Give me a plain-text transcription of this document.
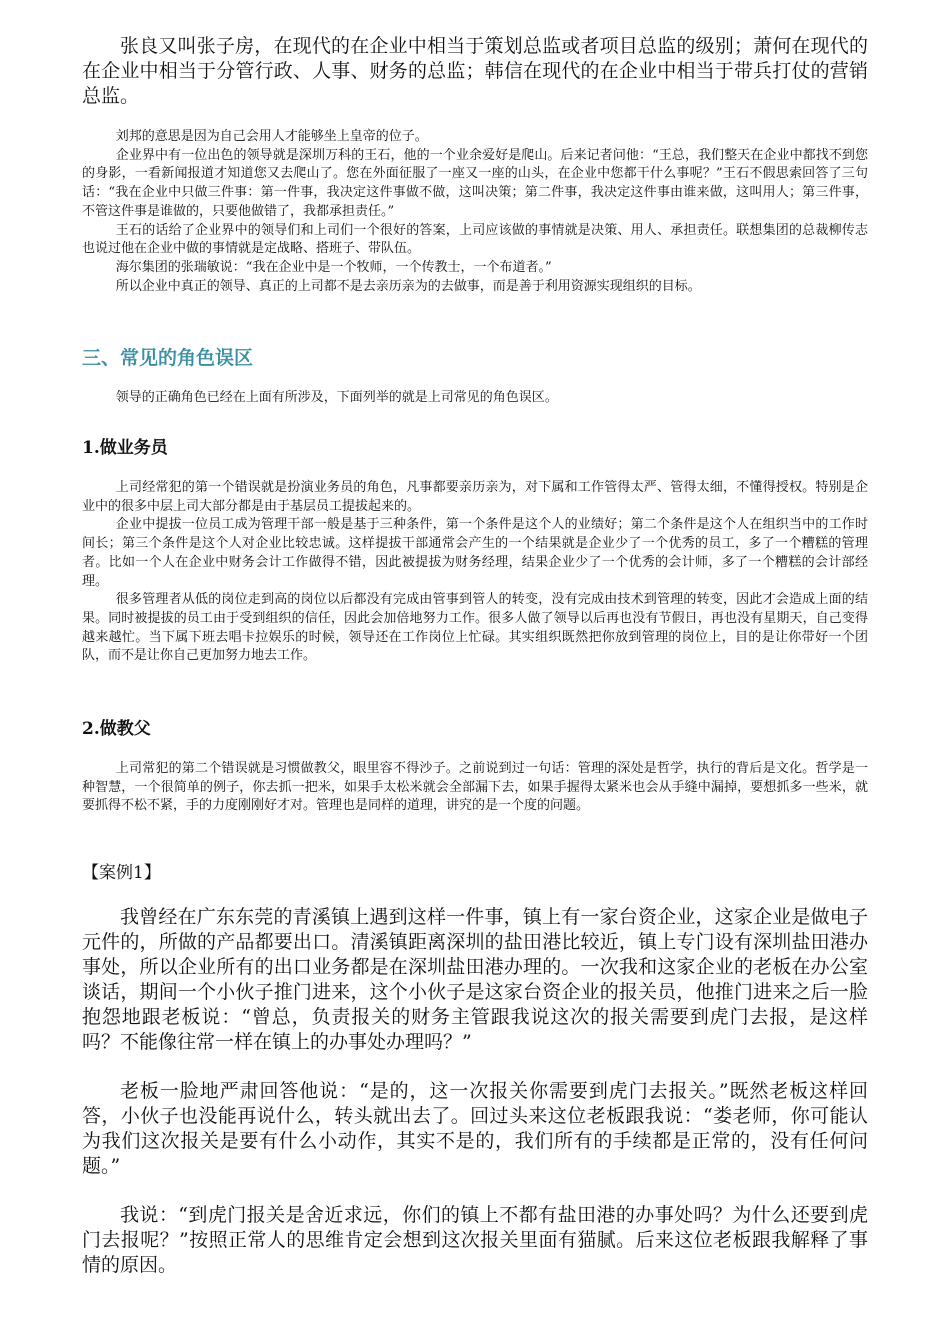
张良又叫张子房，在现代的在企业中相当于策划总监或者项目总监的级别；萧何在现代的在企业中相当于分管行政、人事、财务的总监；韩信在现代的在企业中相当于带兵打仗的营销总监。

刘邦的意思是因为自己会用人才能够坐上皇帝的位子。

企业界中有一位出色的领导就是深圳万科的王石，他的一个业余爱好是爬山。后来记者问他：“王总，我们整天在企业中都找不到您的身影，一看新闻报道才知道您又去爬山了。您在外面征服了一座又一座的山头，在企业中您都干什么事呢？”王石不假思索回答了三句话：“我在企业中只做三件事：第一件事，我决定这件事做不做，这叫决策；第二件事，我决定这件事由谁来做，这叫用人；第三件事，不管这件事是谁做的，只要他做错了，我都承担责任。”

王石的话给了企业界中的领导们和上司们一个很好的答案，上司应该做的事情就是决策、用人、承担责任。联想集团的总裁柳传志也说过他在企业中做的事情就是定战略、搭班子、带队伍。

海尔集团的张瑞敏说：“我在企业中是一个牧师，一个传教士，一个布道者。”

所以企业中真正的领导、真正的上司都不是去亲历亲为的去做事，而是善于利用资源实现组织的目标。

三、常见的角色误区

领导的正确角色已经在上面有所涉及，下面列举的就是上司常见的角色误区。

1.做业务员

上司经常犯的第一个错误就是扮演业务员的角色，凡事都要亲历亲为，对下属和工作管得太严、管得太细，不懂得授权。特别是企业中的很多中层上司大部分都是由于基层员工提拔起来的。

企业中提拔一位员工成为管理干部一般是基于三种条件，第一个条件是这个人的业绩好；第二个条件是这个人在组织当中的工作时间长；第三个条件是这个人对企业比较忠诚。这样提拔干部通常会产生的一个结果就是企业少了一个优秀的员工，多了一个糟糕的管理者。比如一个人在企业中财务会计工作做得不错，因此被提拔为财务经理，结果企业少了一个优秀的会计师，多了一个糟糕的会计部经理。

很多管理者从低的岗位走到高的岗位以后都没有完成由管事到管人的转变，没有完成由技术到管理的转变，因此才会造成上面的结果。同时被提拔的员工由于受到组织的信任，因此会加倍地努力工作。很多人做了领导以后再也没有节假日，再也没有星期天，自己变得越来越忙。当下属下班去唱卡拉娱乐的时候，领导还在工作岗位上忙碌。其实组织既然把你放到管理的岗位上，目的是让你带好一个团队，而不是让你自己更加努力地去工作。

2.做教父

上司常犯的第二个错误就是习惯做教父，眼里容不得沙子。之前说到过一句话：管理的深处是哲学，执行的背后是文化。哲学是一种智慧，一个很简单的例子，你去抓一把米，如果手太松米就会全部漏下去，如果手握得太紧米也会从手缝中漏掉，要想抓多一些米，就要抓得不松不紧，手的力度刚刚好才对。管理也是同样的道理，讲究的是一个度的问题。

【案例1】

我曾经在广东东莞的青溪镇上遇到这样一件事，镇上有一家台资企业，这家企业是做电子元件的，所做的产品都要出口。清溪镇距离深圳的盐田港比较近，镇上专门设有深圳盐田港办事处，所以企业所有的出口业务都是在深圳盐田港办理的。一次我和这家企业的老板在办公室谈话，期间一个小伙子推门进来，这个小伙子是这家台资企业的报关员，他推门进来之后一脸抱怨地跟老板说：“曾总，负责报关的财务主管跟我说这次的报关需要到虎门去报，是这样吗？不能像往常一样在镇上的办事处办理吗？”

老板一脸地严肃回答他说：“是的，这一次报关你需要到虎门去报关。”既然老板这样回答，小伙子也没能再说什么，转头就出去了。回过头来这位老板跟我说：“娄老师，你可能认为我们这次报关是要有什么小动作，其实不是的，我们所有的手续都是正常的，没有任何问题。”

我说：“到虎门报关是舍近求远，你们的镇上不都有盐田港的办事处吗？为什么还要到虎门去报呢？”按照正常人的思维肯定会想到这次报关里面有猫腻。后来这位老板跟我解释了事情的原因。
